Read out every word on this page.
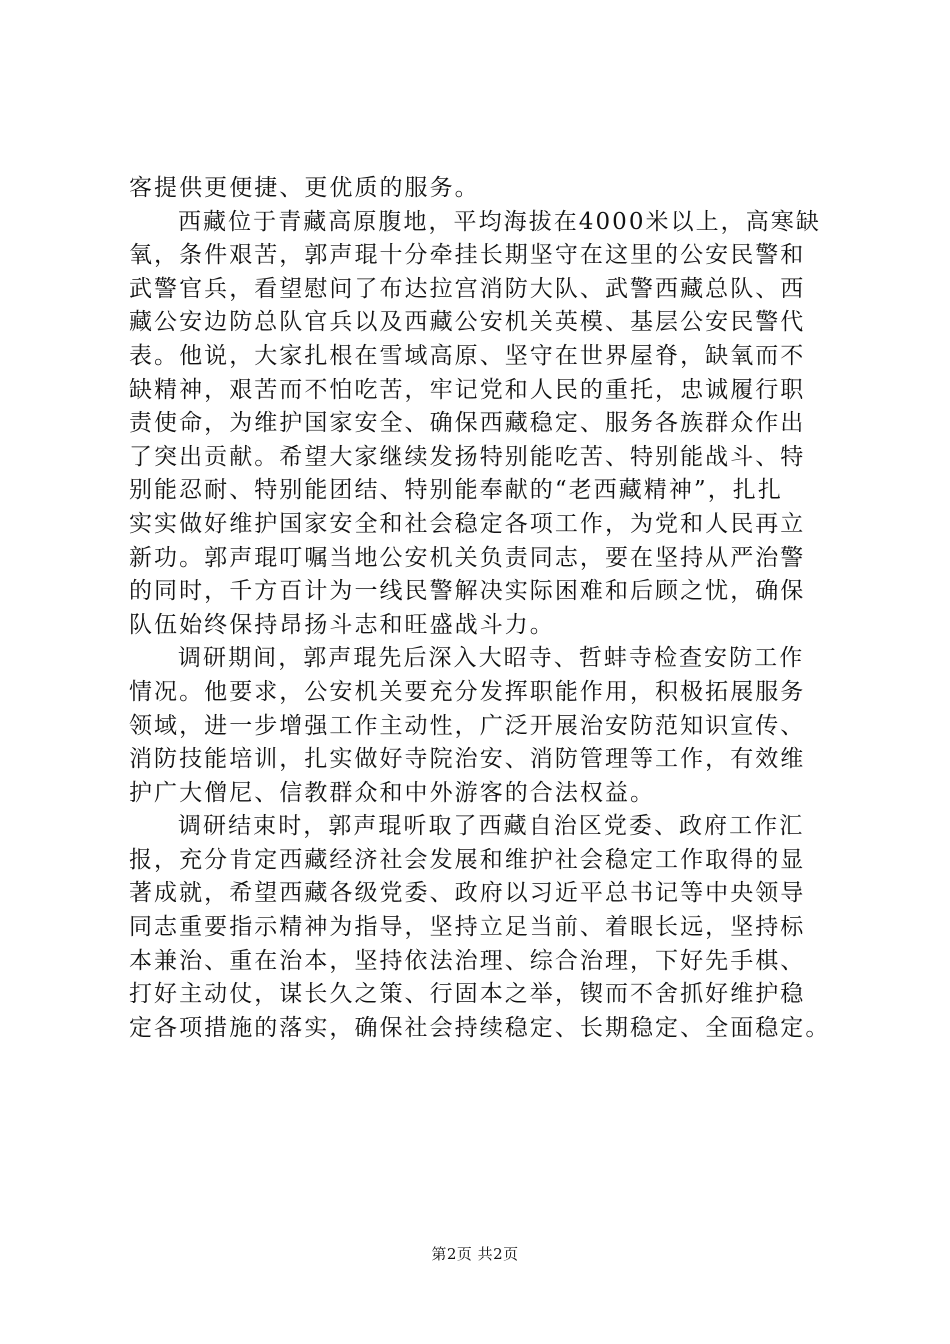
客提供更便捷、更优质的服务。
西藏位于青藏高原腹地，平均海拔在4000米以上，高寒缺
氧，条件艰苦，郭声琨十分牵挂长期坚守在这里的公安民警和
武警官兵，看望慰问了布达拉宫消防大队、武警西藏总队、西
藏公安边防总队官兵以及西藏公安机关英模、基层公安民警代
表。他说，大家扎根在雪域高原、坚守在世界屋脊，缺氧而不
缺精神，艰苦而不怕吃苦，牢记党和人民的重托，忠诚履行职
责使命，为维护国家安全、确保西藏稳定、服务各族群众作出
了突出贡献。希望大家继续发扬特别能吃苦、特别能战斗、特
别能忍耐、特别能团结、特别能奉献的“老西藏精神”，扎扎
实实做好维护国家安全和社会稳定各项工作，为党和人民再立
新功。郭声琨叮嘱当地公安机关负责同志，要在坚持从严治警
的同时，千方百计为一线民警解决实际困难和后顾之忧，确保
队伍始终保持昂扬斗志和旺盛战斗力。
调研期间，郭声琨先后深入大昭寺、哲蚌寺检查安防工作
情况。他要求，公安机关要充分发挥职能作用，积极拓展服务
领域，进一步增强工作主动性，广泛开展治安防范知识宣传、
消防技能培训，扎实做好寺院治安、消防管理等工作，有效维
护广大僧尼、信教群众和中外游客的合法权益。
调研结束时，郭声琨听取了西藏自治区党委、政府工作汇
报，充分肯定西藏经济社会发展和维护社会稳定工作取得的显
著成就，希望西藏各级党委、政府以习近平总书记等中央领导
同志重要指示精神为指导，坚持立足当前、着眼长远，坚持标
本兼治、重在治本，坚持依法治理、综合治理，下好先手棋、
打好主动仗，谋长久之策、行固本之举，锲而不舍抓好维护稳
定各项措施的落实，确保社会持续稳定、长期稳定、全面稳定。
第2页 共2页
